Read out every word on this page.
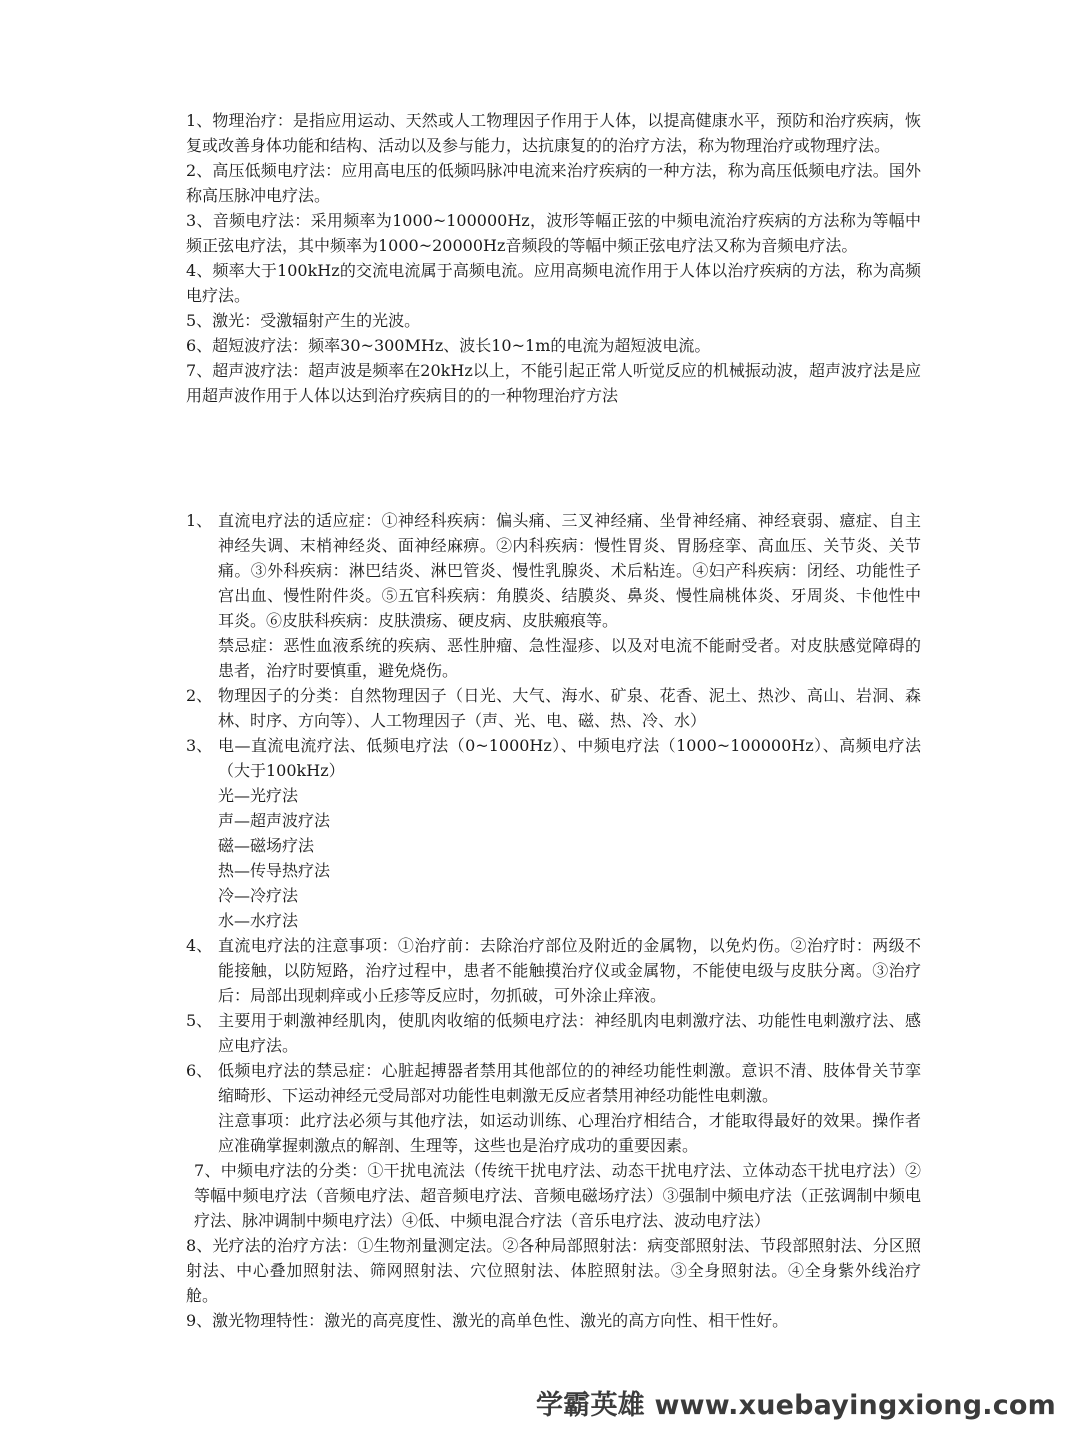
1、物理治疗：是指应用运动、天然或人工物理因子作用于人体，以提高健康水平，预防和治疗疾病，恢复或改善身体功能和结构、活动以及参与能力，达抗康复的的治疗方法，称为物理治疗或物理疗法。

2、高压低频电疗法：应用高电压的低频吗脉冲电流来治疗疾病的一种方法，称为高压低频电疗法。国外称高压脉冲电疗法。

3、音频电疗法：采用频率为1000~100000Hz，波形等幅正弦的中频电流治疗疾病的方法称为等幅中频正弦电疗法，其中频率为1000~20000Hz音频段的等幅中频正弦电疗法又称为音频电疗法。

4、频率大于100kHz的交流电流属于高频电流。应用高频电流作用于人体以治疗疾病的方法，称为高频电疗法。

5、激光：受激辐射产生的光波。

6、超短波疗法：频率30~300MHz、波长10~1m的电流为超短波电流。

7、超声波疗法：超声波是频率在20kHz以上，不能引起正常人听觉反应的机械振动波，超声波疗法是应用超声波作用于人体以达到治疗疾病目的的一种物理治疗方法

1、 直流电疗法的适应症：①神经科疾病：偏头痛、三叉神经痛、坐骨神经痛、神经衰弱、癔症、自主神经失调、末梢神经炎、面神经麻痹。②内科疾病：慢性胃炎、胃肠痉挛、高血压、关节炎、关节痛。③外科疾病：淋巴结炎、淋巴管炎、慢性乳腺炎、术后粘连。④妇产科疾病：闭经、功能性子宫出血、慢性附件炎。⑤五官科疾病：角膜炎、结膜炎、鼻炎、慢性扁桃体炎、牙周炎、卡他性中耳炎。⑥皮肤科疾病：皮肤溃疡、硬皮病、皮肤瘢痕等。
禁忌症：恶性血液系统的疾病、恶性肿瘤、急性湿疹、以及对电流不能耐受者。对皮肤感觉障碍的患者，治疗时要慎重，避免烧伤。
2、 物理因子的分类：自然物理因子（日光、大气、海水、矿泉、花香、泥土、热沙、高山、岩洞、森林、时序、方向等）、人工物理因子（声、光、电、磁、热、冷、水）
3、 电—直流电流疗法、低频电疗法（0~1000Hz）、中频电疗法（1000~100000Hz）、高频电疗法（大于100kHz）
光—光疗法
声—超声波疗法
磁—磁场疗法
热—传导热疗法
冷—冷疗法
水—水疗法
4、 直流电疗法的注意事项：①治疗前：去除治疗部位及附近的金属物，以免灼伤。②治疗时：两级不能接触，以防短路，治疗过程中，患者不能触摸治疗仪或金属物，不能使电级与皮肤分离。③治疗后：局部出现刺痒或小丘疹等反应时，勿抓破，可外涂止痒液。
5、 主要用于刺激神经肌肉，使肌肉收缩的低频电疗法：神经肌肉电刺激疗法、功能性电刺激疗法、感应电疗法。
6、 低频电疗法的禁忌症：心脏起搏器者禁用其他部位的的神经功能性刺激。意识不清、肢体骨关节挛缩畸形、下运动神经元受局部对功能性电刺激无反应者禁用神经功能性电刺激。
注意事项：此疗法必须与其他疗法，如运动训练、心理治疗相结合，才能取得最好的效果。操作者应准确掌握刺激点的解剖、生理等，这些也是治疗成功的重要因素。

7、中频电疗法的分类：①干扰电流法（传统干扰电疗法、动态干扰电疗法、立体动态干扰电疗法）②等幅中频电疗法（音频电疗法、超音频电疗法、音频电磁场疗法）③强制中频电疗法（正弦调制中频电疗法、脉冲调制中频电疗法）④低、中频电混合疗法（音乐电疗法、波动电疗法）

8、光疗法的治疗方法：①生物剂量测定法。②各种局部照射法：病变部照射法、节段部照射法、分区照射法、中心叠加照射法、筛网照射法、穴位照射法、体腔照射法。③全身照射法。④全身紫外线治疗舱。

9、激光物理特性：激光的高亮度性、激光的高单色性、激光的高方向性、相干性好。

学霸英雄 www.xuebayingxiong.com
